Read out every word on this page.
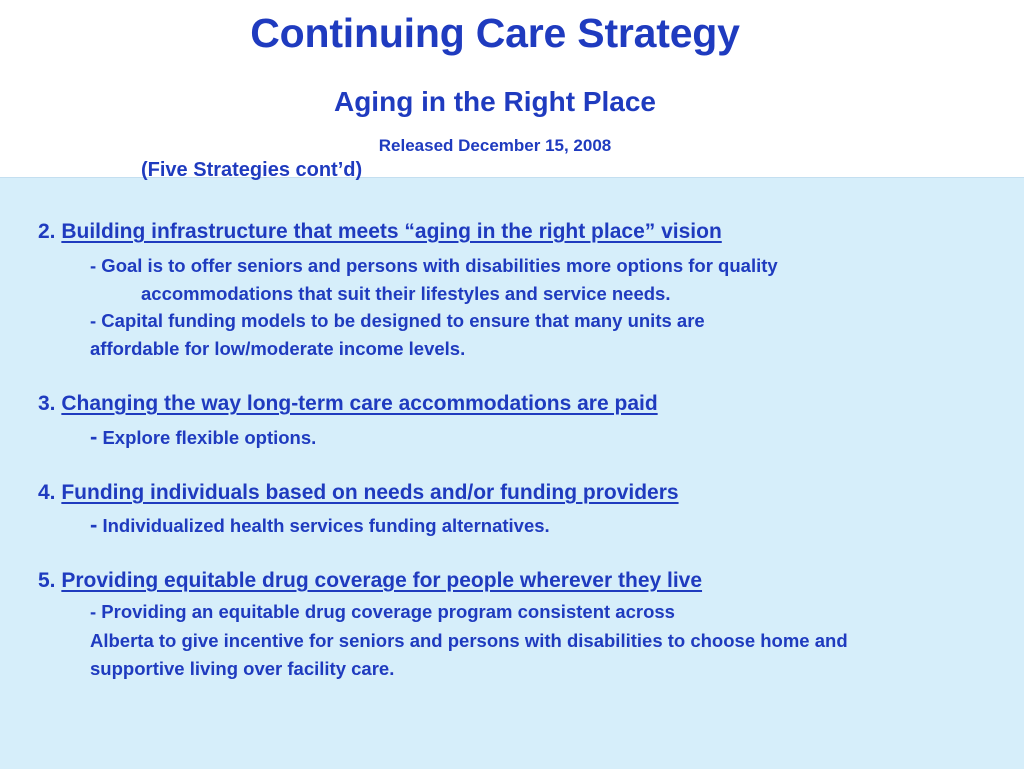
Continuing Care Strategy
Aging in the Right Place
Released December 15, 2008
(Five Strategies cont’d)
2. Building infrastructure that meets “aging in the right place” vision
- Goal is to offer seniors and persons with disabilities more options for quality
accommodations that suit their lifestyles and service needs.
- Capital funding models to be designed to ensure that many units are
affordable for low/moderate income levels.
3. Changing the way long-term care accommodations are paid
- Explore flexible options.
4. Funding individuals based on needs and/or funding providers
- Individualized health services funding alternatives.
5. Providing equitable drug coverage for people wherever they live
- Providing an equitable drug coverage program consistent across
Alberta to give incentive for seniors and persons with disabilities to choose home and
supportive living over facility care.
